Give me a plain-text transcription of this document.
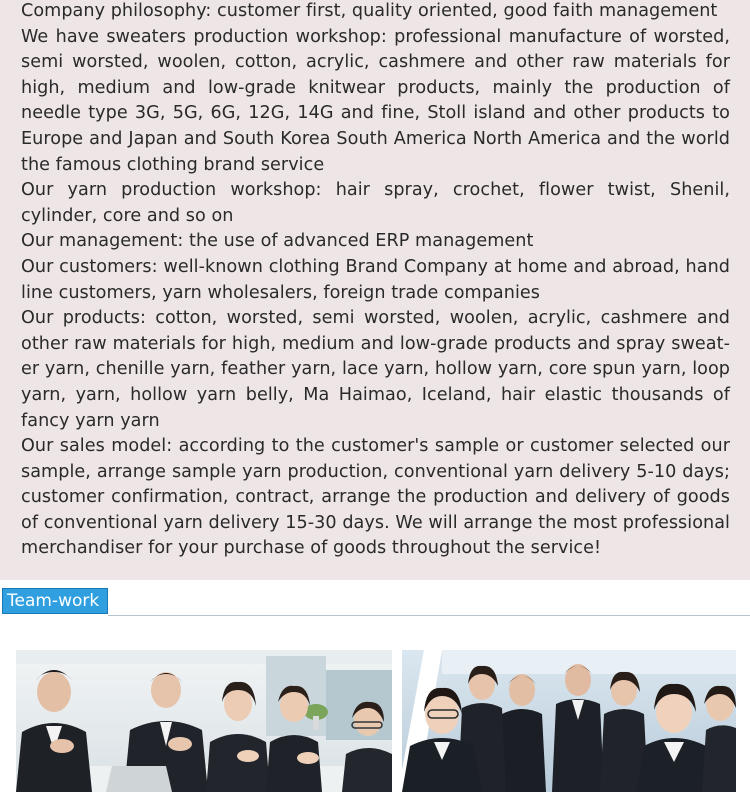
Company philosophy: customer first, quality oriented, good faith management

We have sweaters production workshop: professional manufacture of worsted, semi worsted, woolen, cotton, acrylic, cashmere and other raw materials for high, medium and low-grade knitwear products, mainly the production of needle type 3G, 5G, 6G, 12G, 14G and fine, Stoll island and other products to Europe and Japan and South Korea South America North America and the world the famous clothing brand service

Our yarn production workshop: hair spray, crochet, flower twist, Shenil, cylinder, core and so on

Our management: the use of advanced ERP management

Our customers: well-known clothing Brand Company at home and abroad, hand line customers, yarn wholesalers, foreign trade companies

Our products: cotton, worsted, semi worsted, woolen, acrylic, cashmere and other raw materials for high, medium and low-grade products and spray sweat-er yarn, chenille yarn, feather yarn, lace yarn, hollow yarn, core spun yarn, loop yarn, yarn, hollow yarn belly, Ma Haimao, Iceland, hair elastic thousands of fancy yarn yarn

Our sales model: according to the customer's sample or customer selected our sample, arrange sample yarn production, conventional yarn delivery 5-10 days; customer confirmation, contract, arrange the production and delivery of goods of conventional yarn delivery 15-30 days. We will arrange the most professional merchandiser for your purchase of goods throughout the service!

Team-work
